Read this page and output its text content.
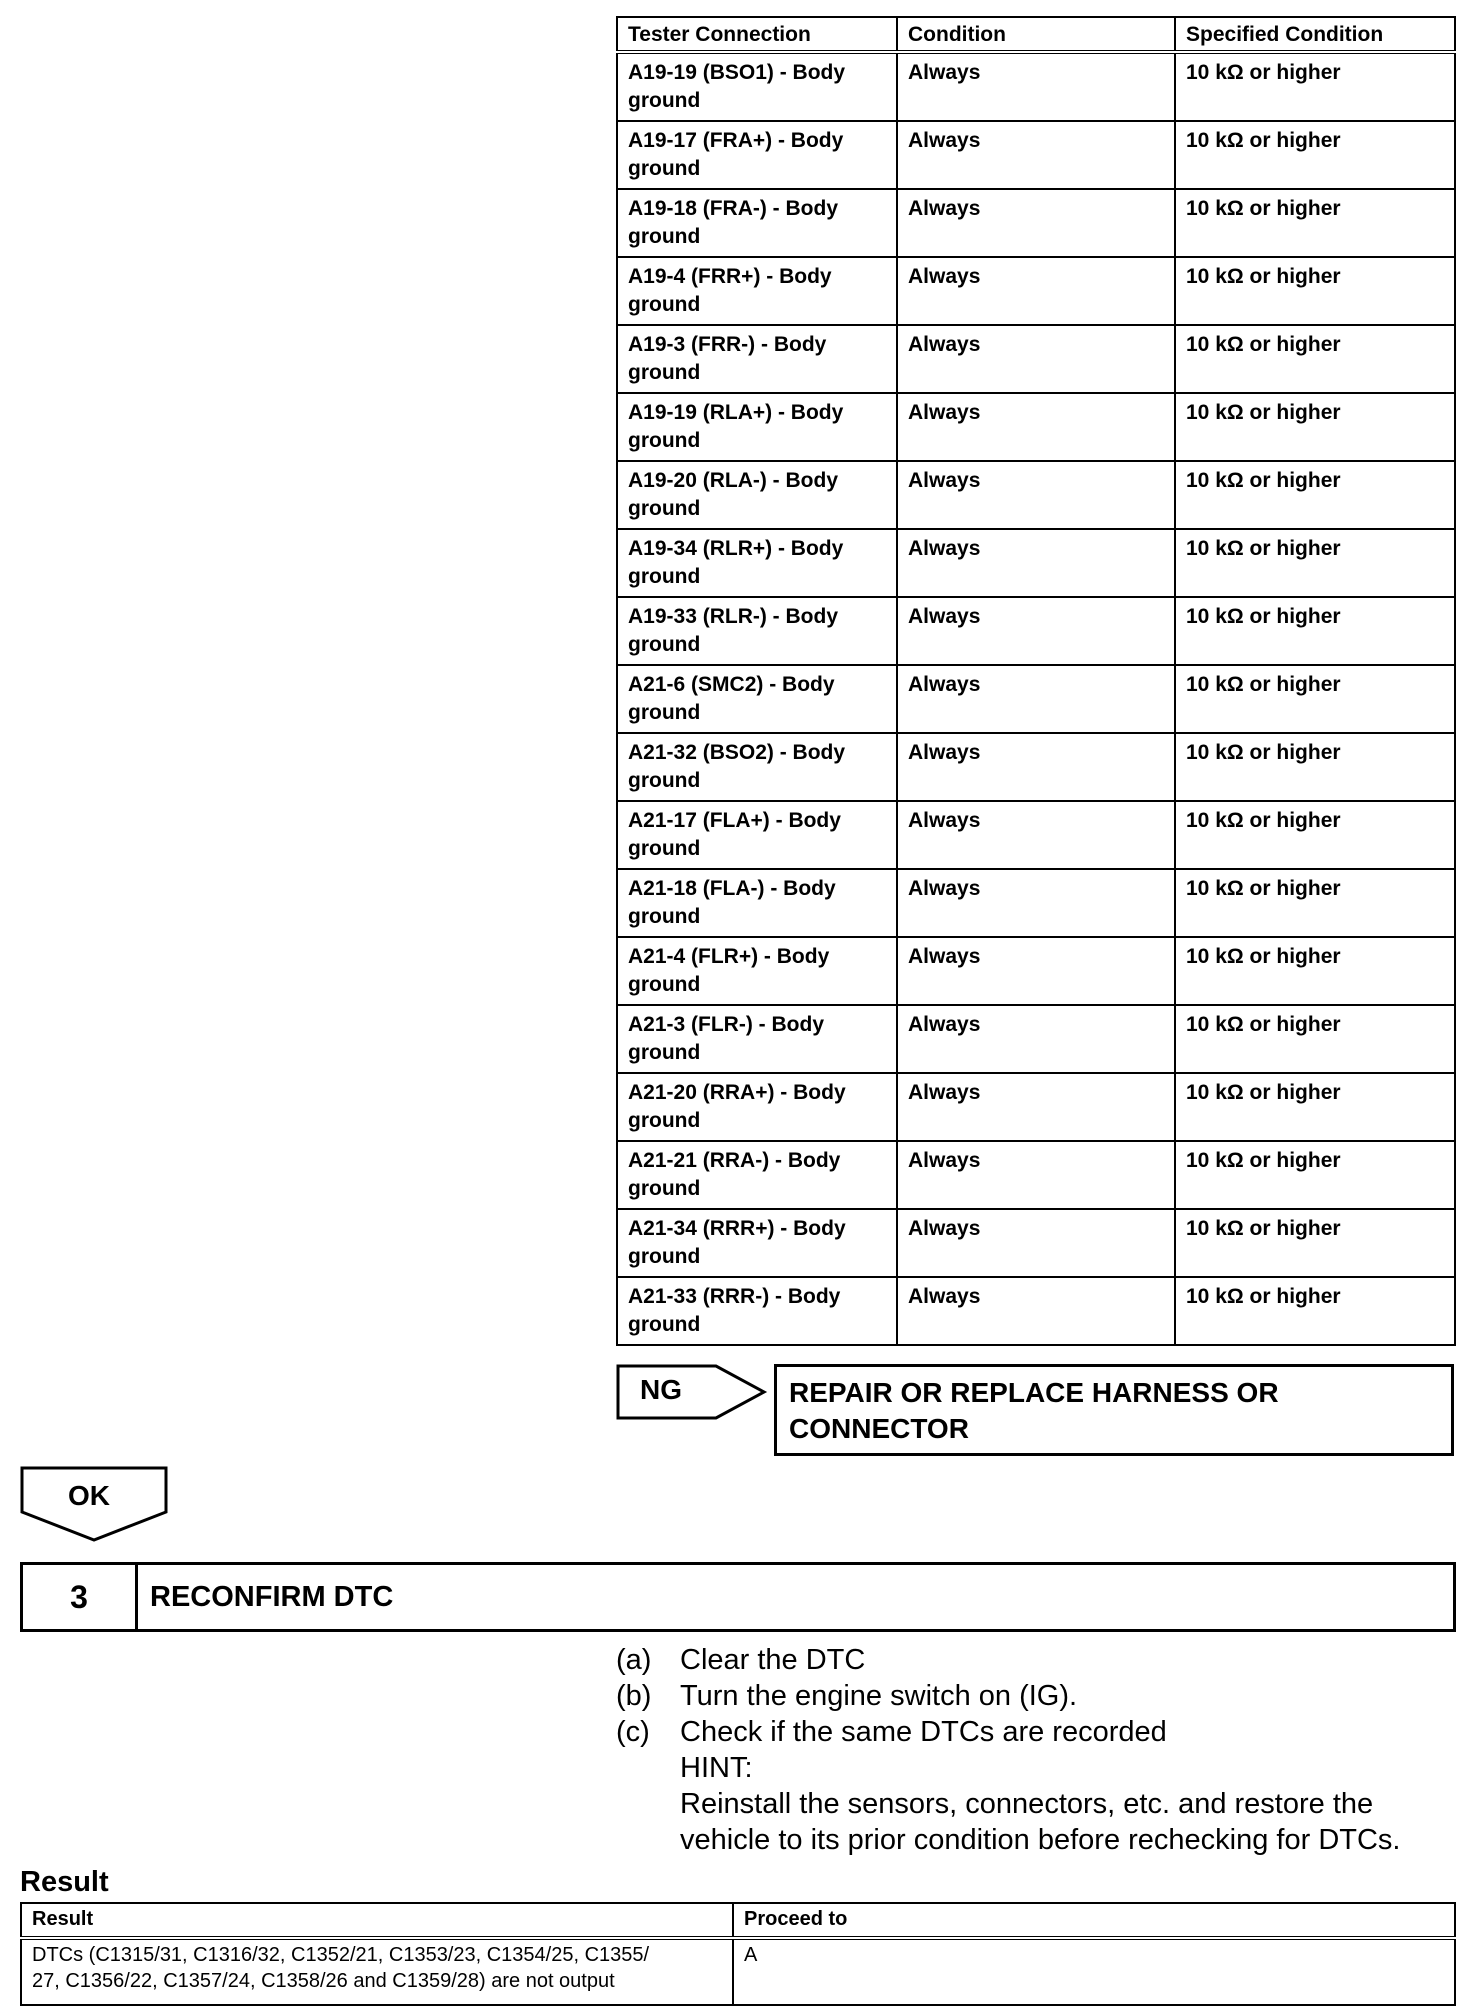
Tester Connection	Condition	Specified Condition

A19-19 (BSO1) - Body
ground	Always	10 kΩ or higher

A19-17 (FRA+) - Body
ground	Always	10 kΩ or higher

A19-18 (FRA-) - Body
ground	Always	10 kΩ or higher

A19-4 (FRR+) - Body
ground	Always	10 kΩ or higher

A19-3 (FRR-) - Body
ground	Always	10 kΩ or higher

A19-19 (RLA+) - Body
ground	Always	10 kΩ or higher

A19-20 (RLA-) - Body
ground	Always	10 kΩ or higher

A19-34 (RLR+) - Body
ground	Always	10 kΩ or higher

A19-33 (RLR-) - Body
ground	Always	10 kΩ or higher

A21-6 (SMC2) - Body
ground	Always	10 kΩ or higher

A21-32 (BSO2) - Body
ground	Always	10 kΩ or higher

A21-17 (FLA+) - Body
ground	Always	10 kΩ or higher

A21-18 (FLA-) - Body
ground	Always	10 kΩ or higher

A21-4 (FLR+) - Body
ground	Always	10 kΩ or higher

A21-3 (FLR-) - Body
ground	Always	10 kΩ or higher

A21-20 (RRA+) - Body
ground	Always	10 kΩ or higher

A21-21 (RRA-) - Body
ground	Always	10 kΩ or higher

A21-34 (RRR+) - Body
ground	Always	10 kΩ or higher

A21-33 (RRR-) - Body
ground	Always	10 kΩ or higher
NG	REPAIR OR REPLACE HARNESS OR
CONNECTOR
OK
3	RECONFIRM DTC
(a) Clear the DTC
(b) Turn the engine switch on (IG).
(c)	Check if the same DTCs are recorded
HINT:
Reinstall the sensors, connectors, etc. and restore the
vehicle to its prior condition before rechecking for DTCs.
Result
Result	Proceed to

DTCs (C1315/31, C1316/32, C1352/21, C1353/23, C1354/25, C1355/
27, C1356/22, C1357/24, C1358/26 and C1359/28) are not output	A
